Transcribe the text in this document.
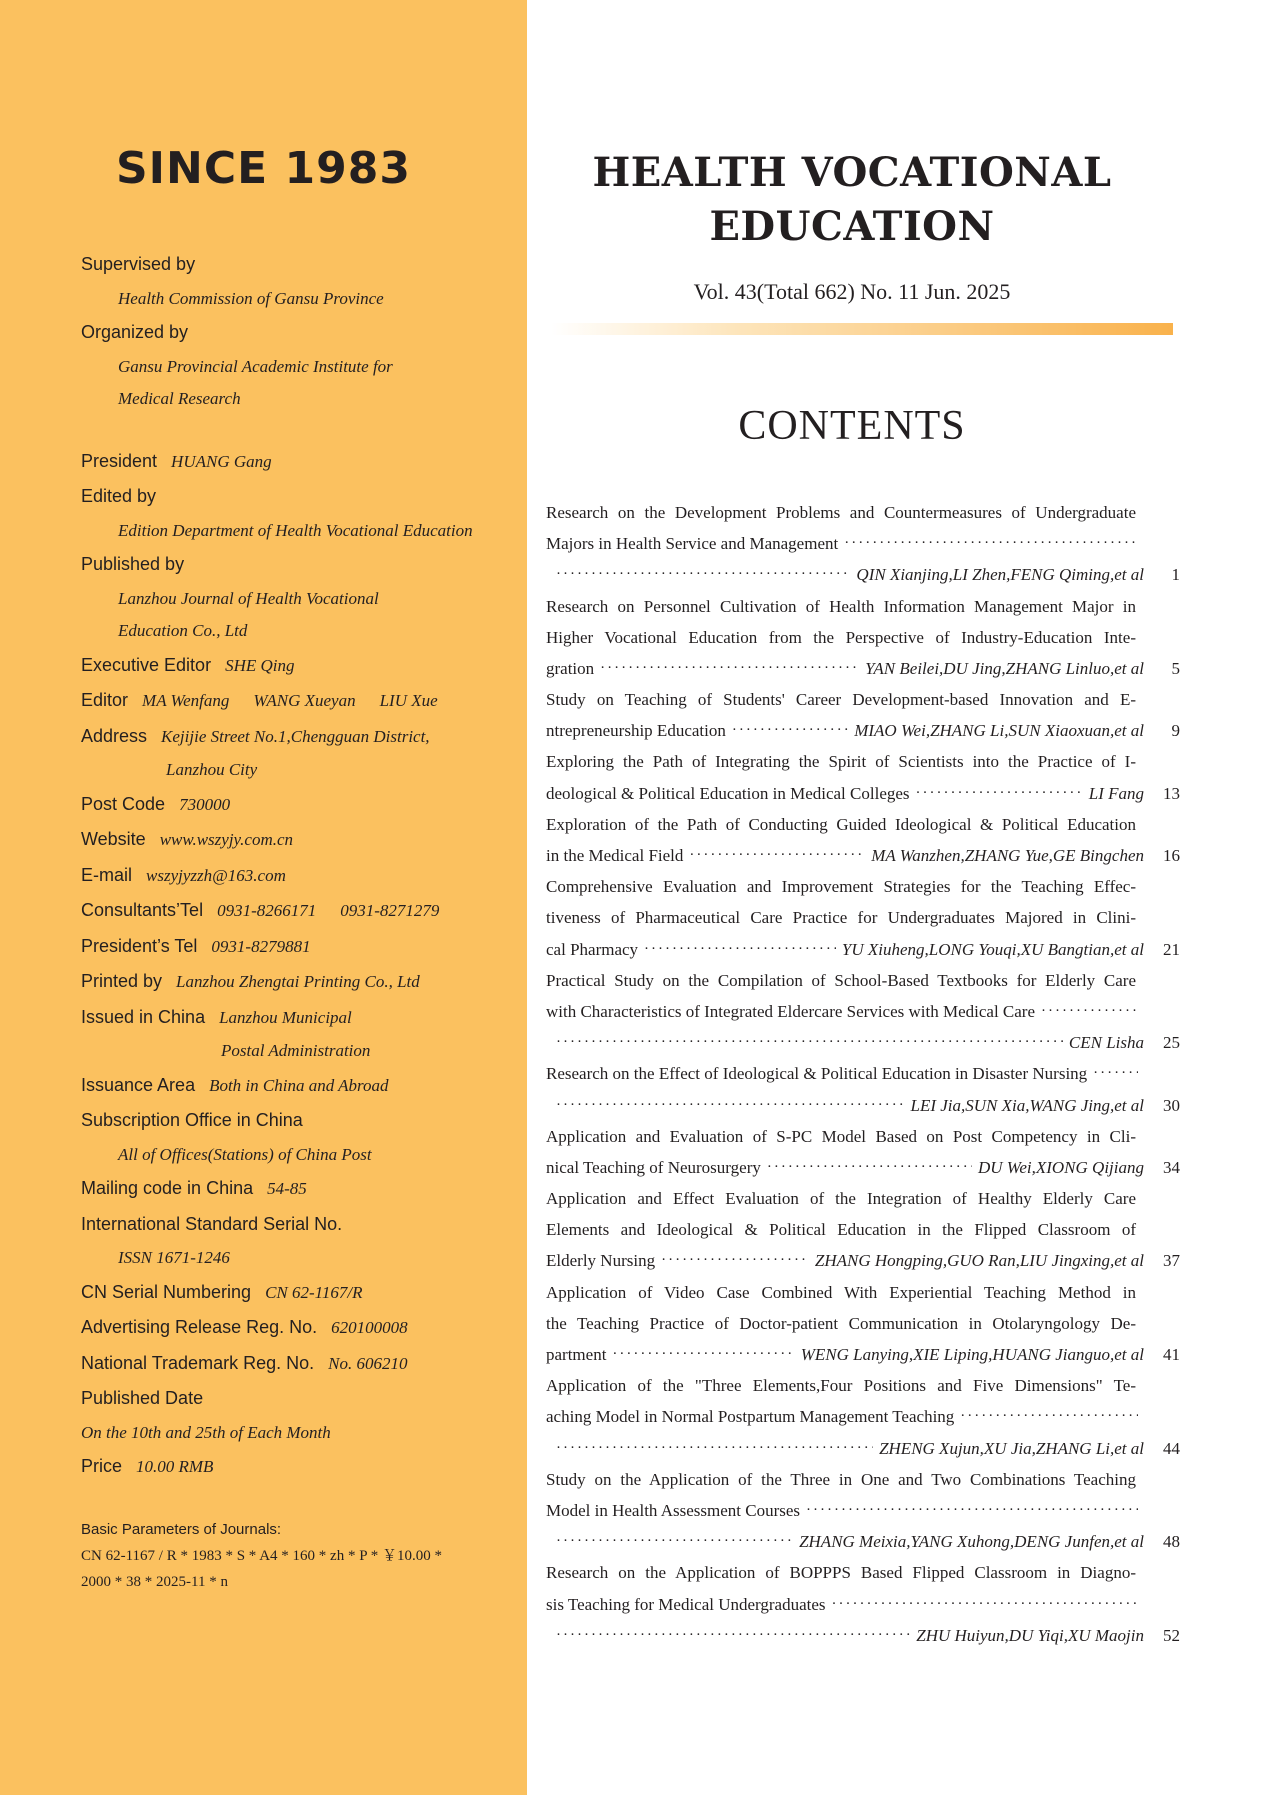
SINCE 1983
Supervised by
Health Commission of Gansu Province
Organized by
Gansu Provincial Academic Institute for
Medical Research
President HUANG Gang
Edited by
Edition Department of Health Vocational Education
Published by
Lanzhou Journal of Health Vocational
Education Co., Ltd
Executive Editor SHE Qing
Editor MA Wenfang WANG Xueyan LIU Xue
Address Kejijie Street No.1,Chengguan District,
Lanzhou City
Post Code 730000
Website www.wszyjy.com.cn
E-mail wszyjyzzh@163.com
Consultants’Tel 0931-8266171 0931-8271279
President’s Tel 0931-8279881
Printed by Lanzhou Zhengtai Printing Co., Ltd
Issued in China Lanzhou Municipal
Postal Administration
Issuance Area Both in China and Abroad
Subscription Office in China
All of Offices(Stations) of China Post
Mailing code in China 54-85
International Standard Serial No.
ISSN 1671-1246
CN Serial Numbering CN 62-1167/R
Advertising Release Reg. No. 620100008
National Trademark Reg. No. No. 606210
Published Date
On the 10th and 25th of Each Month
Price 10.00 RMB
Basic Parameters of Journals:
CN 62-1167 / R * 1983 * S * A4 * 160 * zh * P * ￥10.00 *
2000 * 38 * 2025-11 * n
HEALTH VOCATIONAL
EDUCATION
Vol. 43(Total 662) No. 11 Jun. 2025
CONTENTS
Research on the Development Problems and Countermeasures of Undergraduate
Majors in Health Service and Management
·····
·····
QIN Xianjing,LI Zhen,FENG Qiming,et al	1
Research on Personnel Cultivation of Health Information Management Major in
Higher Vocational Education from the Perspective of Industry-Education Inte-
gration ·····	YAN Beilei,DU Jing,ZHANG Linluo,et al	5
Study on Teaching of Students' Career Development-based Innovation and E-
ntrepreneurship Education ·····	MIAO Wei,ZHANG Li,SUN Xiaoxuan,et al	9
Exploring the Path of Integrating the Spirit of Scientists into the Practice of I-
deological & Political Education in Medical Colleges ·····	LI Fang	13
Exploration of the Path of Conducting Guided Ideological & Political Education
in the Medical Field ·····	MA Wanzhen,ZHANG Yue,GE Bingchen	16
Comprehensive Evaluation and Improvement Strategies for the Teaching Effec-
tiveness of Pharmaceutical Care Practice for Undergraduates Majored in Clini-
cal Pharmacy ·····	YU Xiuheng,LONG Youqi,XU Bangtian,et al	21
Practical Study on the Compilation of School-Based Textbooks for Elderly Care
with Characteristics of Integrated Eldercare Services with Medical Care
·····
·····
CEN Lisha	25
Research on the Effect of Ideological & Political Education in Disaster Nursing
·····
·····
LEI Jia,SUN Xia,WANG Jing,et al	30
Application and Evaluation of S-PC Model Based on Post Competency in Cli-
nical Teaching of Neurosurgery ·····	DU Wei,XIONG Qijiang	34
Application and Effect Evaluation of the Integration of Healthy Elderly Care
Elements and Ideological & Political Education in the Flipped Classroom of
Elderly Nursing ·····	ZHANG Hongping,GUO Ran,LIU Jingxing,et al	37
Application of Video Case Combined With Experiential Teaching Method in
the Teaching Practice of Doctor-patient Communication in Otolaryngology De-
partment ·····	WENG Lanying,XIE Liping,HUANG Jianguo,et al	41
Application of the "Three Elements,Four Positions and Five Dimensions" Te-
aching Model in Normal Postpartum Management Teaching
·····
·····
ZHENG Xujun,XU Jia,ZHANG Li,et al	44
Study on the Application of the Three in One and Two Combinations Teaching
Model in Health Assessment Courses
·····
·····
ZHANG Meixia,YANG Xuhong,DENG Junfen,et al	48
Research on the Application of BOPPPS Based Flipped Classroom in Diagno-
sis Teaching for Medical Undergraduates
·····
·····
ZHU Huiyun,DU Yiqi,XU Maojin	52
